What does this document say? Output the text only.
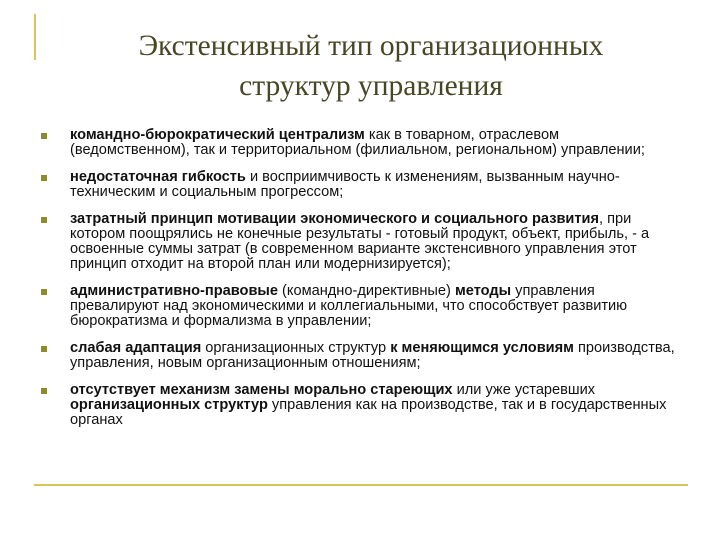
Экстенсивный тип организационных
структур управления
командно-бюрократический централизм как в товарном, отраслевом (ведомственном), так и территориальном (филиальном, региональном) управлении;
недостаточная гибкость и восприимчивость к изменениям, вызванным научно-техническим и социальным прогрессом;
затратный принцип мотивации экономического и социального развития, при котором поощрялись не конечные результаты - готовый продукт, объект, прибыль, - а освоенные суммы затрат (в современном варианте экстенсивного управления этот принцип отходит на второй план или модернизируется);
административно-правовые (командно-директивные) методы управления превалируют над экономическими и коллегиальными, что способствует развитию бюрократизма и формализма в управлении;
слабая адаптация организационных структур к меняющимся условиям производства, управления, новым организационным отношениям;
отсутствует механизм замены морально стареющих или уже устаревших организационных структур управления как на производстве, так и в государственных органах
